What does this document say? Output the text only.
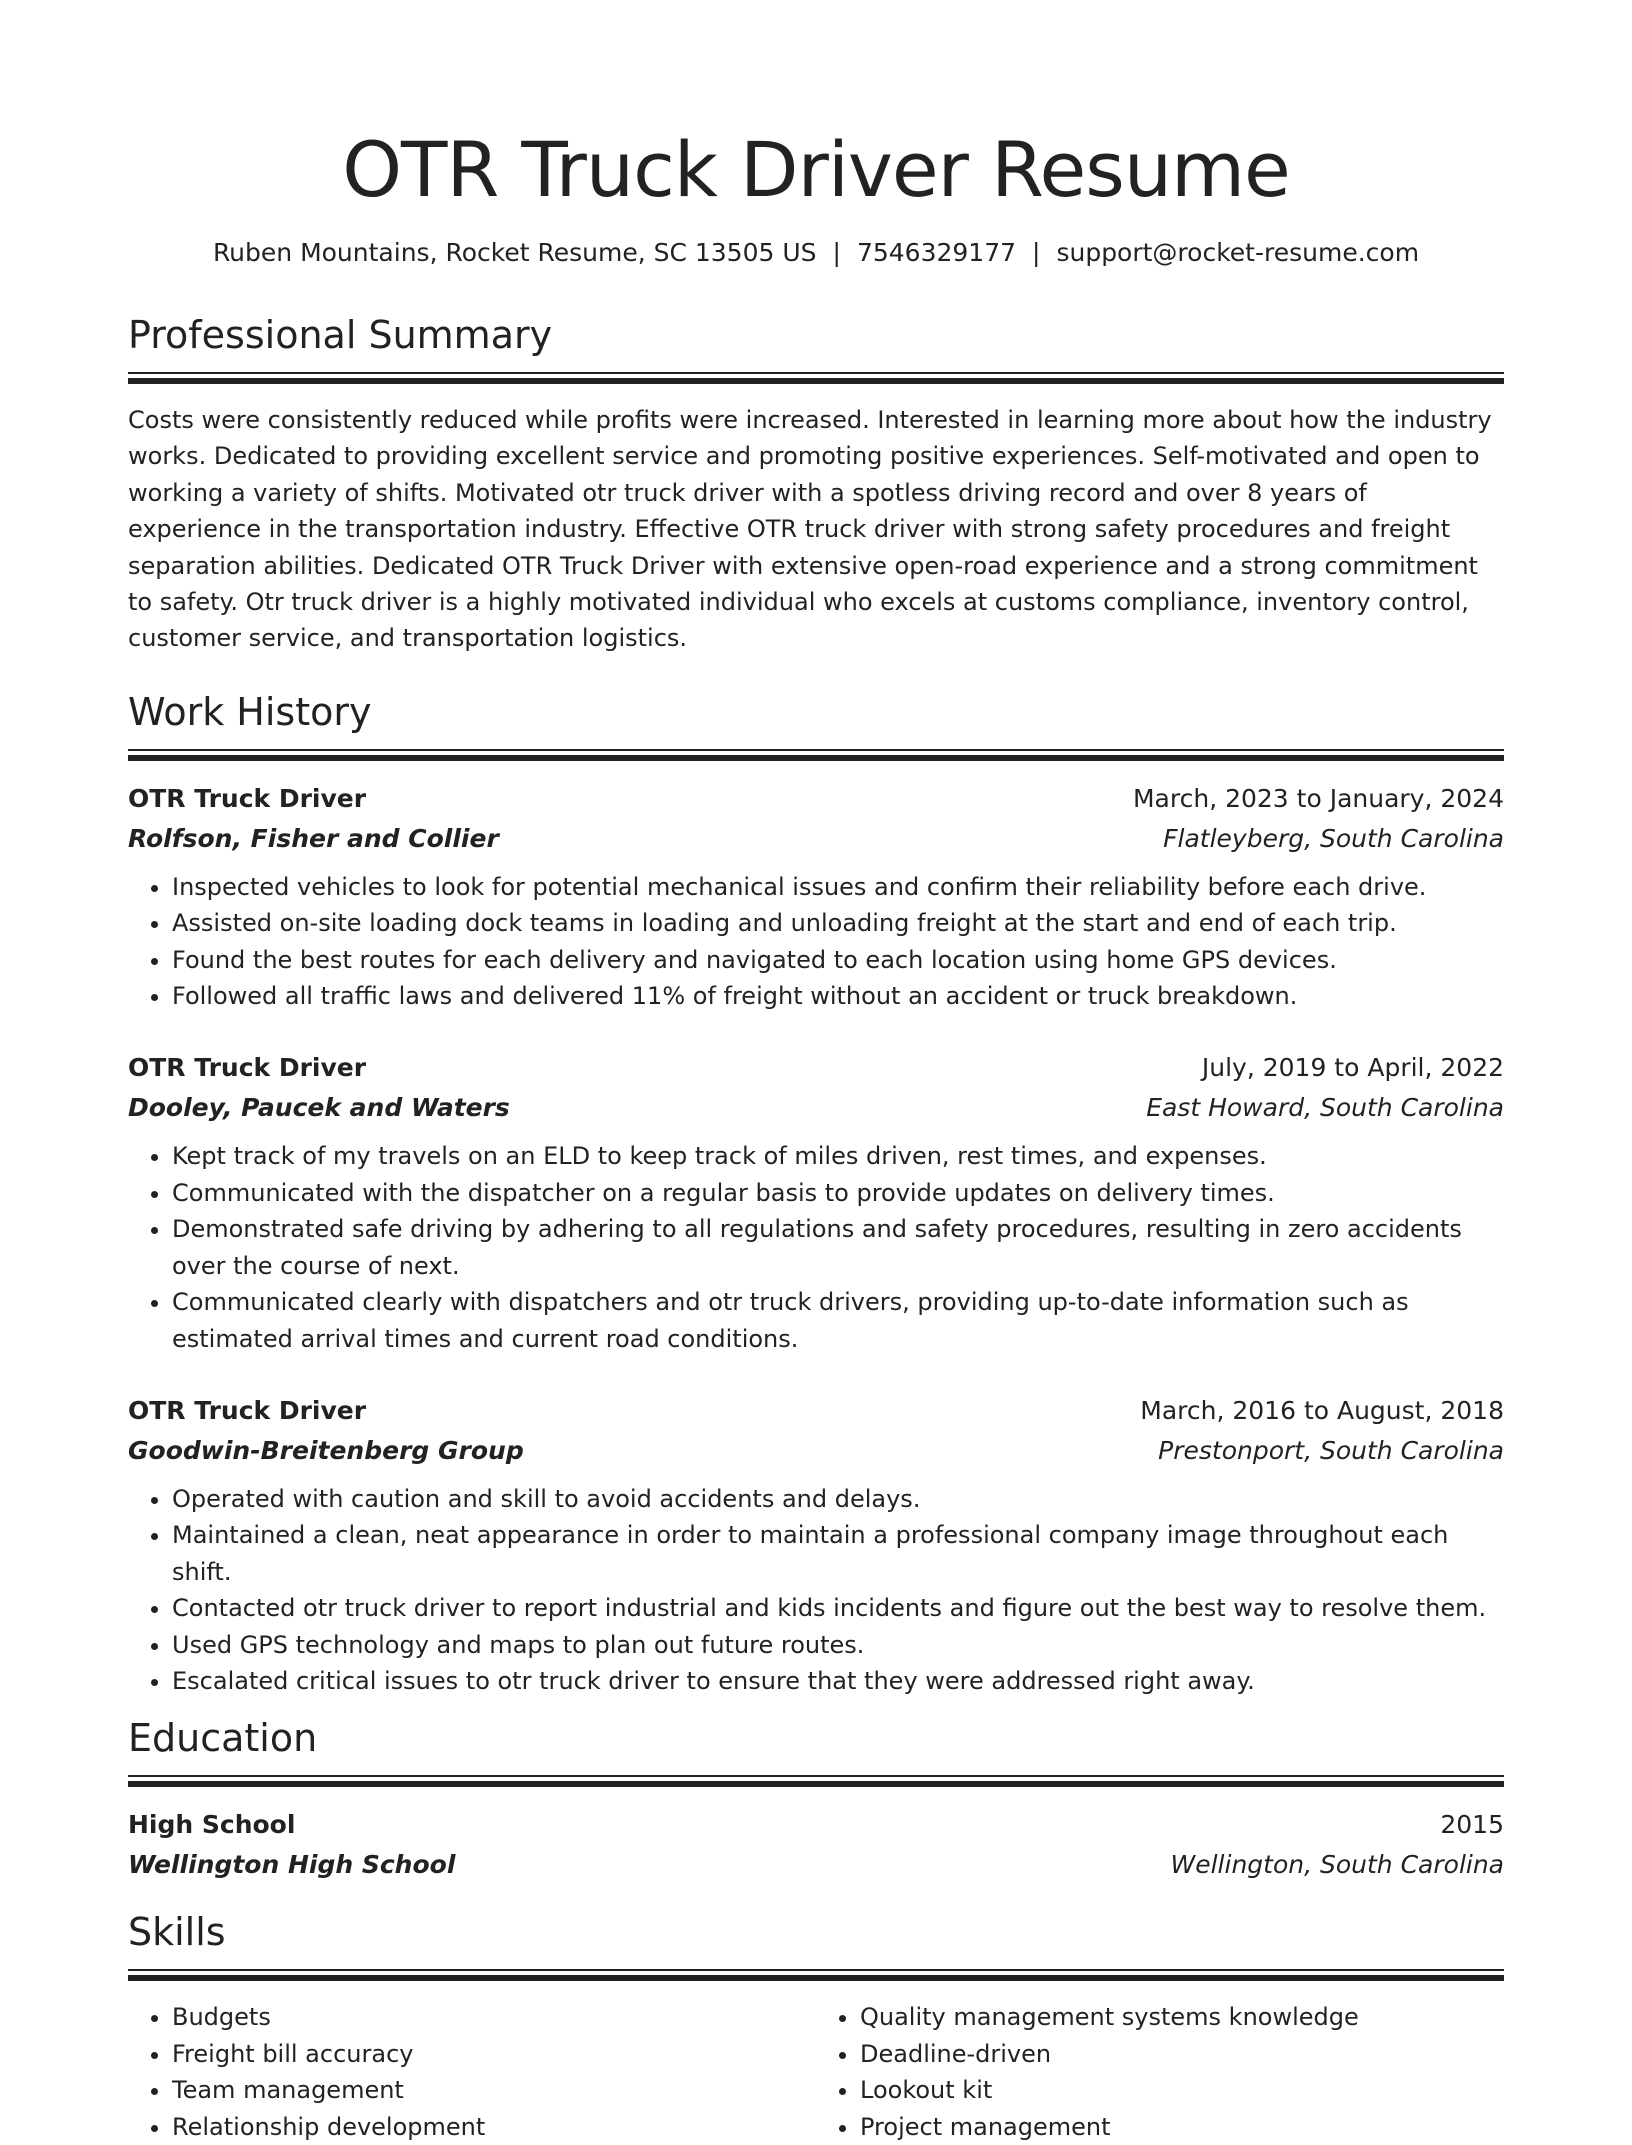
OTR Truck Driver Resume
Ruben Mountains, Rocket Resume, SC 13505 US | 7546329177 | support@rocket-resume.com
Professional Summary

Costs were consistently reduced while profits were increased. Interested in learning more about how the industry works. Dedicated to providing excellent service and promoting positive experiences. Self-motivated and open to working a variety of shifts. Motivated otr truck driver with a spotless driving record and over 8 years of experience in the transportation industry. Effective OTR truck driver with strong safety procedures and freight separation abilities. Dedicated OTR Truck Driver with extensive open-road experience and a strong commitment to safety. Otr truck driver is a highly motivated individual who excels at customs compliance, inventory control, customer service, and transportation logistics.

Work History
OTR Truck Driver	March, 2023 to January, 2024
Rolfson, Fisher and Collier	Flatleyberg, South Carolina
• Inspected vehicles to look for potential mechanical issues and confirm their reliability before each drive.
• Assisted on-site loading dock teams in loading and unloading freight at the start and end of each trip.
• Found the best routes for each delivery and navigated to each location using home GPS devices.
• Followed all traffic laws and delivered 11% of freight without an accident or truck breakdown.
OTR Truck Driver	July, 2019 to April, 2022
Dooley, Paucek and Waters	East Howard, South Carolina
• Kept track of my travels on an ELD to keep track of miles driven, rest times, and expenses.
• Communicated with the dispatcher on a regular basis to provide updates on delivery times.
• Demonstrated safe driving by adhering to all regulations and safety procedures, resulting in zero accidents over the course of next.
• Communicated clearly with dispatchers and otr truck drivers, providing up-to-date information such as estimated arrival times and current road conditions.
OTR Truck Driver	March, 2016 to August, 2018
Goodwin-Breitenberg Group	Prestonport, South Carolina
• Operated with caution and skill to avoid accidents and delays.
• Maintained a clean, neat appearance in order to maintain a professional company image throughout each shift.
• Contacted otr truck driver to report industrial and kids incidents and figure out the best way to resolve them.
• Used GPS technology and maps to plan out future routes.
• Escalated critical issues to otr truck driver to ensure that they were addressed right away.
Education
High School	2015
Wellington High School	Wellington, South Carolina
Skills
• Budgets
• Freight bill accuracy
• Team management
• Relationship development
• Quality management systems knowledge
• Deadline-driven
• Lookout kit
• Project management
